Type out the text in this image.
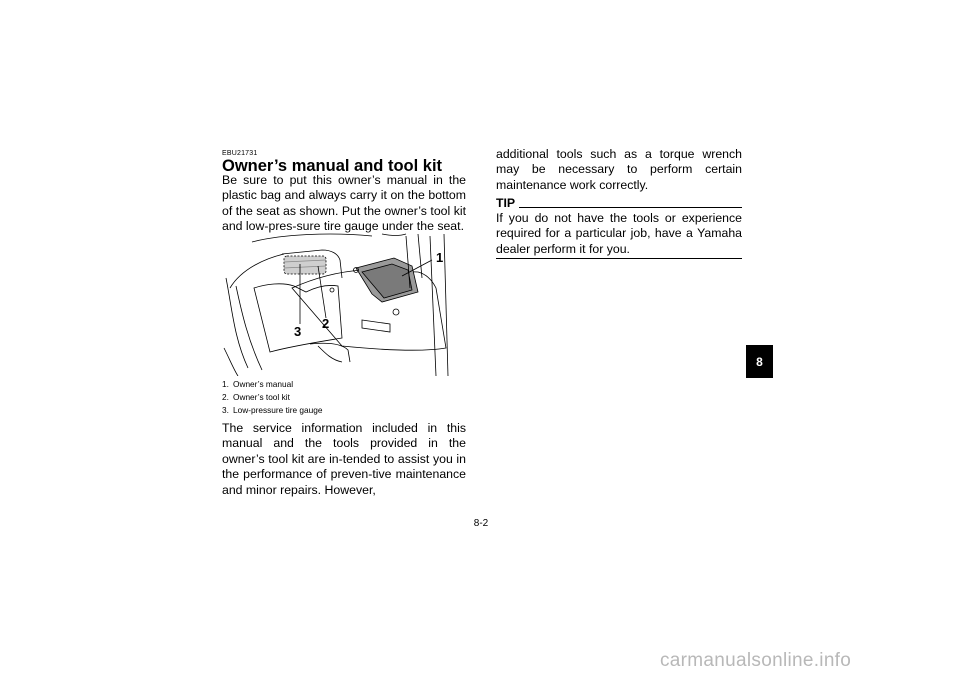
EBU21731
Owner’s manual and tool kit

Be sure to put this owner’s manual in the plastic bag and always carry it on the bottom of the seat as shown. Put the owner’s tool kit and low-pres-sure tire gauge under the seat.

1
2
3
1. Owner’s manual
2. Owner’s tool kit
3. Low-pressure tire gauge

The service information included in this manual and the tools provided in the owner’s tool kit are in-tended to assist you in the performance of preven-tive maintenance and minor repairs. However,

additional tools such as a torque wrench may be necessary to perform certain maintenance work correctly.

TIP

If you do not have the tools or experience required for a particular job, have a Yamaha dealer perform it for you.

8
8-2
carmanualsonline.info
